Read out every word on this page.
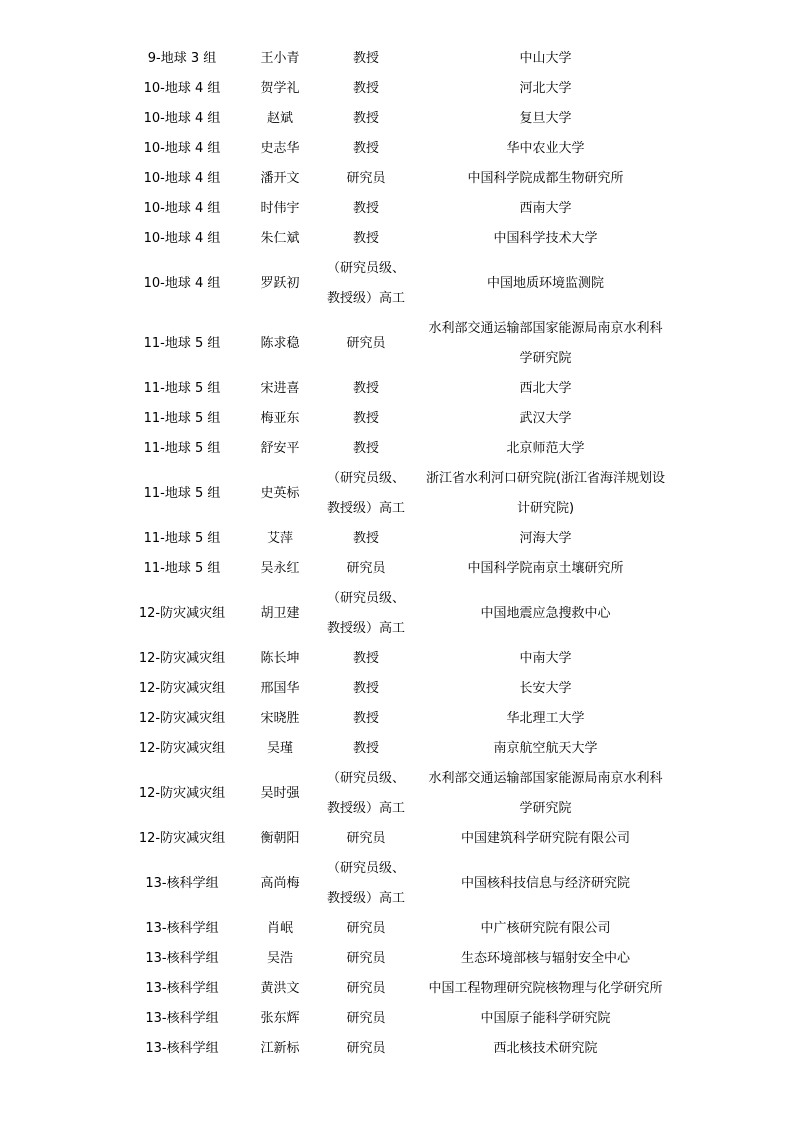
9-地球 3 组	王小青	教授	中山大学

10-地球 4 组	贺学礼	教授	河北大学

10-地球 4 组	赵斌	教授	复旦大学

10-地球 4 组	史志华	教授	华中农业大学

10-地球 4 组	潘开文	研究员	中国科学院成都生物研究所

10-地球 4 组	时伟宇	教授	西南大学

10-地球 4 组	朱仁斌	教授	中国科学技术大学

10-地球 4 组	罗跃初	（研究员级、
教授级）高工	中国地质环境监测院

11-地球 5 组	陈求稳	研究员	水利部交通运输部国家能源局南京水利科
学研究院

11-地球 5 组	宋进喜	教授	西北大学

11-地球 5 组	梅亚东	教授	武汉大学

11-地球 5 组	舒安平	教授	北京师范大学

11-地球 5 组	史英标	（研究员级、
教授级）高工	浙江省水利河口研究院(浙江省海洋规划设
计研究院)

11-地球 5 组	艾萍	教授	河海大学

11-地球 5 组	吴永红	研究员	中国科学院南京土壤研究所

12-防灾减灾组	胡卫建	（研究员级、
教授级）高工	中国地震应急搜救中心

12-防灾减灾组	陈长坤	教授	中南大学

12-防灾减灾组	邢国华	教授	长安大学

12-防灾减灾组	宋晓胜	教授	华北理工大学

12-防灾减灾组	吴瑾	教授	南京航空航天大学

12-防灾减灾组	吴时强	（研究员级、
教授级）高工	水利部交通运输部国家能源局南京水利科
学研究院

12-防灾减灾组	衡朝阳	研究员	中国建筑科学研究院有限公司

13-核科学组	高尚梅	（研究员级、
教授级）高工	中国核科技信息与经济研究院

13-核科学组	肖岷	研究员	中广核研究院有限公司

13-核科学组	吴浩	研究员	生态环境部核与辐射安全中心

13-核科学组	黄洪文	研究员	中国工程物理研究院核物理与化学研究所

13-核科学组	张东辉	研究员	中国原子能科学研究院

13-核科学组	江新标	研究员	西北核技术研究院
